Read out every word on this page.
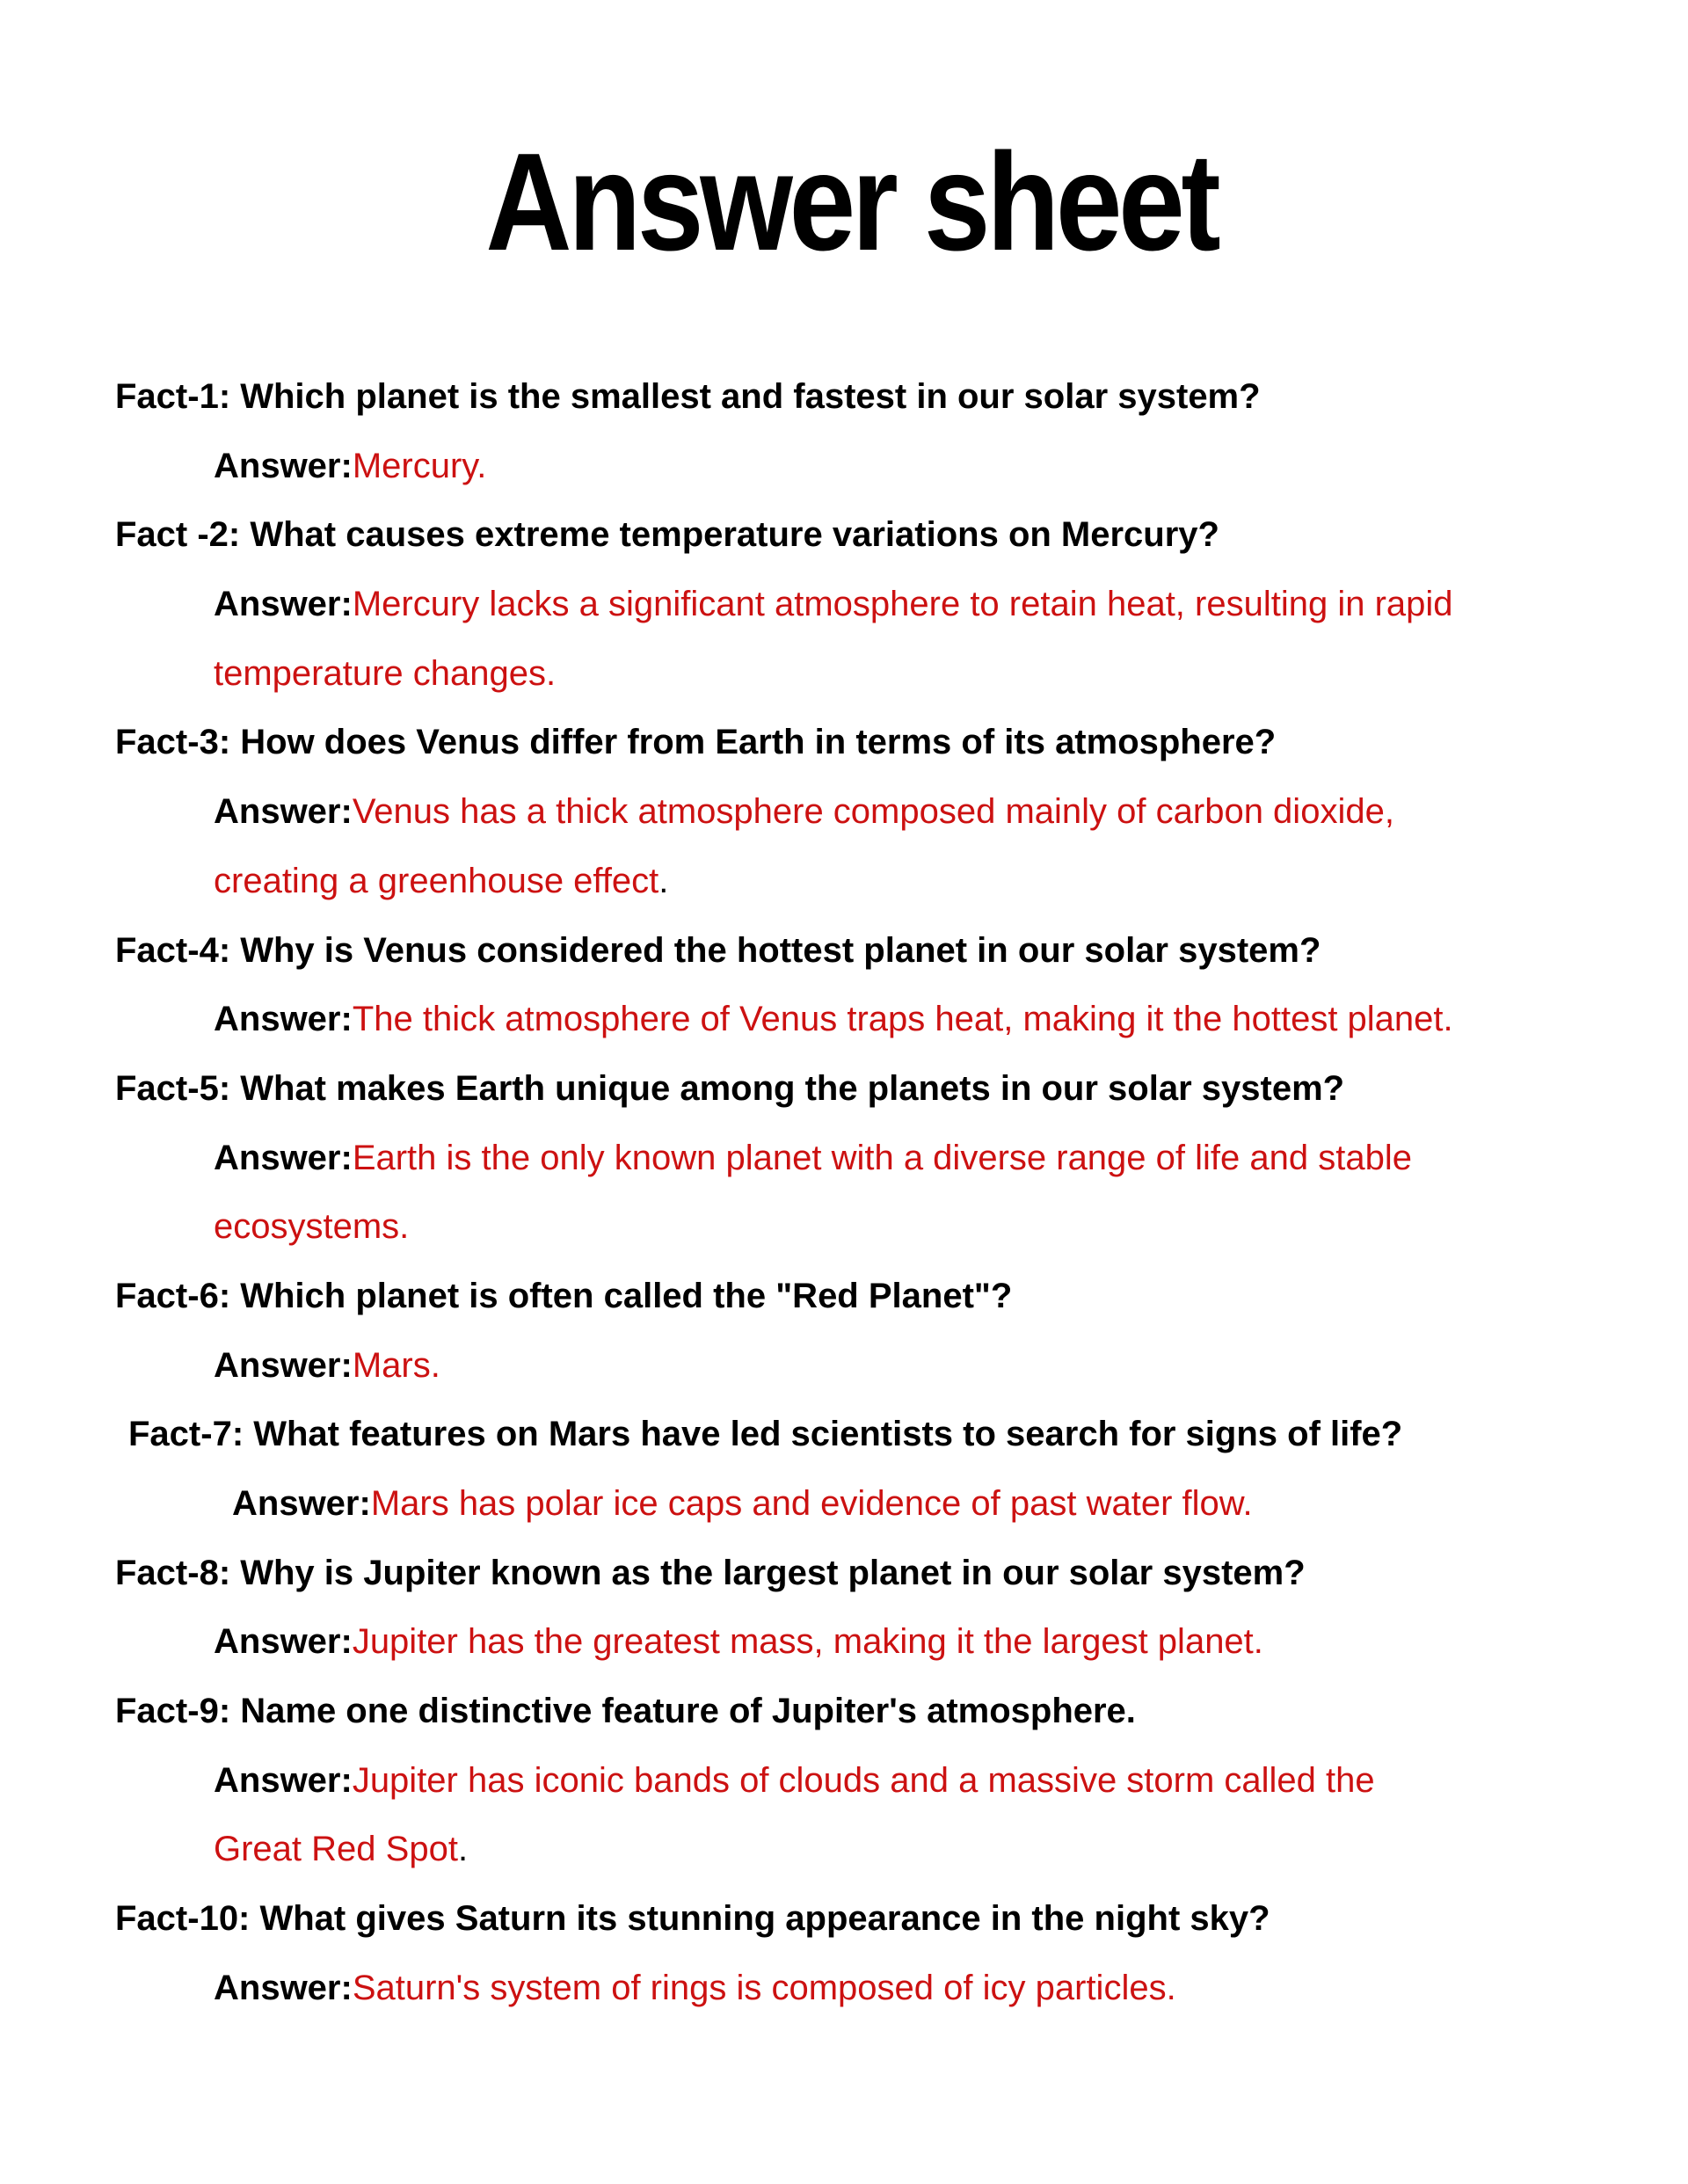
Answer sheet
Fact-1: Which planet is the smallest and fastest in our solar system?
Answer:Mercury.
Fact -2: What causes extreme temperature variations on Mercury?
Answer:Mercury lacks a significant atmosphere to retain heat, resulting in rapid
temperature changes.
Fact-3: How does Venus differ from Earth in terms of its atmosphere?
Answer:Venus has a thick atmosphere composed mainly of carbon dioxide,
creating a greenhouse effect.
Fact-4: Why is Venus considered the hottest planet in our solar system?
Answer:The thick atmosphere of Venus traps heat, making it the hottest planet.
Fact-5: What makes Earth unique among the planets in our solar system?
Answer:Earth is the only known planet with a diverse range of life and stable
ecosystems.
Fact-6: Which planet is often called the "Red Planet"?
Answer:Mars.
Fact-7: What features on Mars have led scientists to search for signs of life?
Answer:Mars has polar ice caps and evidence of past water flow.
Fact-8: Why is Jupiter known as the largest planet in our solar system?
Answer:Jupiter has the greatest mass, making it the largest planet.
Fact-9: Name one distinctive feature of Jupiter's atmosphere.
Answer:Jupiter has iconic bands of clouds and a massive storm called the
Great Red Spot.
Fact-10: What gives Saturn its stunning appearance in the night sky?
Answer:Saturn's system of rings is composed of icy particles.
